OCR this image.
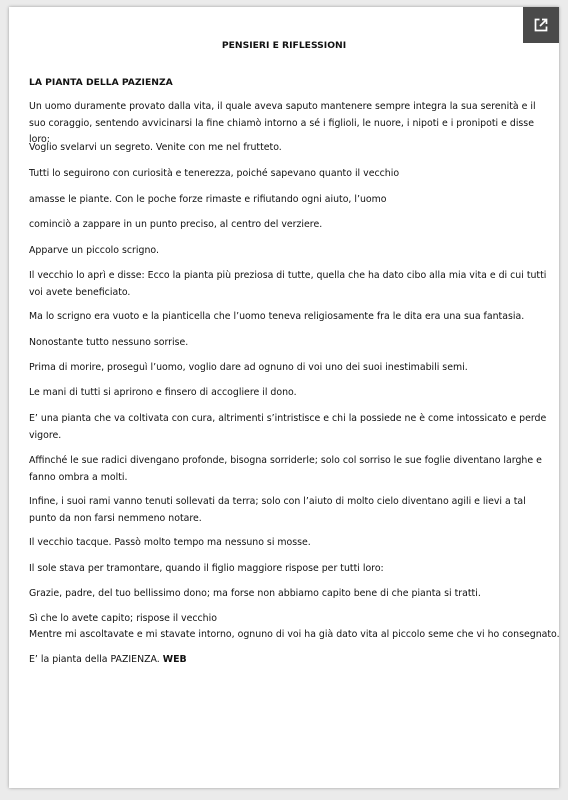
PENSIERI E RIFLESSIONI
LA PIANTA DELLA PAZIENZA

Un uomo duramente provato dalla vita, il quale aveva saputo mantenere sempre integra la sua serenità e il suo coraggio, sentendo avvicinarsi la fine chiamò intorno a sé i figlioli, le nuore, i nipoti e i pronipoti e disse loro:

Voglio svelarvi un segreto. Venite con me nel frutteto.

Tutti lo seguirono con curiosità e tenerezza, poiché sapevano quanto il vecchio

amasse le piante. Con le poche forze rimaste e rifiutando ogni aiuto, l’uomo

cominciò a zappare in un punto preciso, al centro del verziere.

Apparve un piccolo scrigno.

Il vecchio lo aprì e disse: Ecco la pianta più preziosa di tutte, quella che ha dato cibo alla mia vita e di cui tutti voi avete beneficiato.

Ma lo scrigno era vuoto e la pianticella che l’uomo teneva religiosamente fra le dita era una sua fantasia.

Nonostante tutto nessuno sorrise.

Prima di morire, proseguì l’uomo, voglio dare ad ognuno di voi uno dei suoi inestimabili semi.

Le mani di tutti si aprirono e finsero di accogliere il dono.

E’ una pianta che va coltivata con cura, altrimenti s’intristisce e chi la possiede ne è come intossicato e perde vigore.

Affinché le sue radici divengano profonde, bisogna sorriderle; solo col sorriso le sue foglie diventano larghe e fanno ombra a molti.

Infine, i suoi rami vanno tenuti sollevati da terra; solo con l’aiuto di molto cielo diventano agili e lievi a tal punto da non farsi nemmeno notare.

Il vecchio tacque. Passò molto tempo ma nessuno si mosse.

Il sole stava per tramontare, quando il figlio maggiore rispose per tutti loro:

Grazie, padre, del tuo bellissimo dono; ma forse non abbiamo capito bene di che pianta si tratti.

Sì che lo avete capito; rispose il vecchio

Mentre mi ascoltavate e mi stavate intorno, ognuno di voi ha già dato vita al piccolo seme che vi ho consegnato.

E’ la pianta della PAZIENZA. WEB
